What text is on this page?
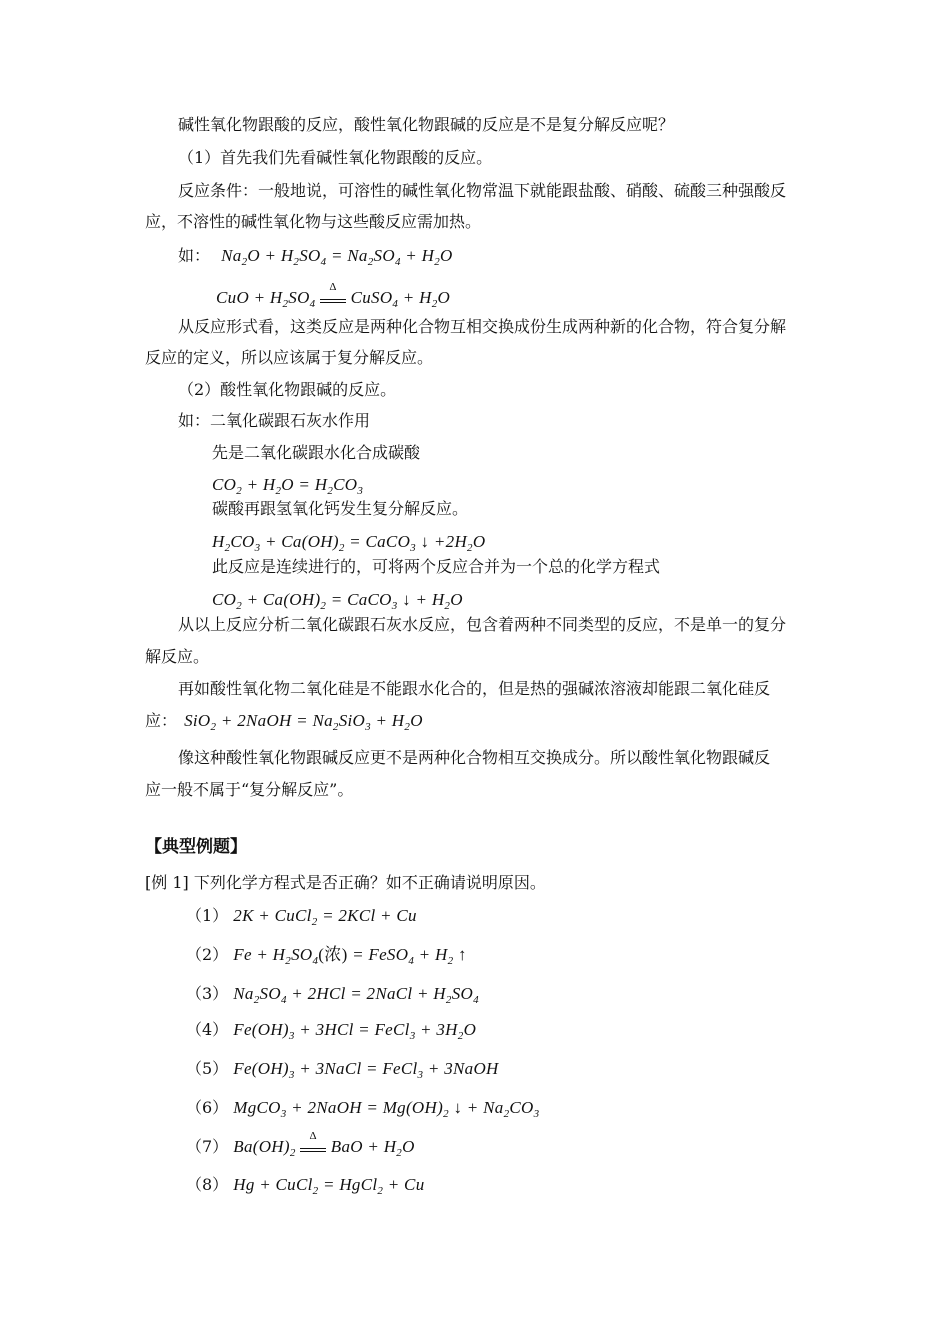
碱性氧化物跟酸的反应，酸性氧化物跟碱的反应是不是复分解反应呢？
（1）首先我们先看碱性氧化物跟酸的反应。
反应条件：一般地说，可溶性的碱性氧化物常温下就能跟盐酸、硝酸、硫酸三种强酸反
应，不溶性的碱性氧化物与这些酸反应需加热。
如： $Na_2O + H_2SO_4 = Na_2SO_4 + H_2O$
CuO + $H_2SO_4$
Δ
CuSO$_4$ + $H_2O$
从反应形式看，这类反应是两种化合物互相交换成份生成两种新的化合物，符合复分解
反应的定义，所以应该属于复分解反应。
（2）酸性氧化物跟碱的反应。
如：二氧化碳跟石灰水作用
先是二氧化碳跟水化合成碳酸
$CO_2 + H_2O = H_2CO_3$
碳酸再跟氢氧化钙发生复分解反应。
$H_2CO_3 + Ca(OH)_2$ = CaCO$_3$ ↓ $+2H_2O$
此反应是连续进行的，可将两个反应合并为一个总的化学方程式
$CO_2 + Ca(OH)_2$ = CaCO$_3$ ↓ + $H_2O$
从以上反应分析二氧化碳跟石灰水反应，包含着两种不同类型的反应，不是单一的复分
解反应。
再如酸性氧化物二氧化硅是不能跟水化合的，但是热的强碱浓溶液却能跟二氧化硅反
应： SiO$_2$ + 2NaOH = $Na_2SiO_3 + H_2O$
像这种酸性氧化物跟碱反应更不是两种化合物相互交换成分。所以酸性氧化物跟碱反
应一般不属于“复分解反应”。
【典型例题】
[例 1] 下列化学方程式是否正确？如不正确请说明原因。
（1） 2K + CuCl$_2$ = 2KCl + Cu
（2） $Fe + H_2SO_4$(浓) = FeSO$_4$ + $H_2$ ↑
（3） $Na_2SO_4 + 2HCl$ = 2NaCl + $H_2SO_4$
（4） $Fe(OH)_3 + 3HCl$ = FeCl$_3$ + $3H_2O$
（5） $Fe(OH)_3$ + 3NaCl = FeCl$_3$ + 3NaOH
（6） MgCO$_3$ + 2NaOH = $Mg(OH)_2$ ↓ + $Na_2CO_3$
（7） $Ba(OH)_2$
Δ
BaO + $H_2O$
（8） Hg + CuCl$_2$ = HgCl$_2$ + Cu
